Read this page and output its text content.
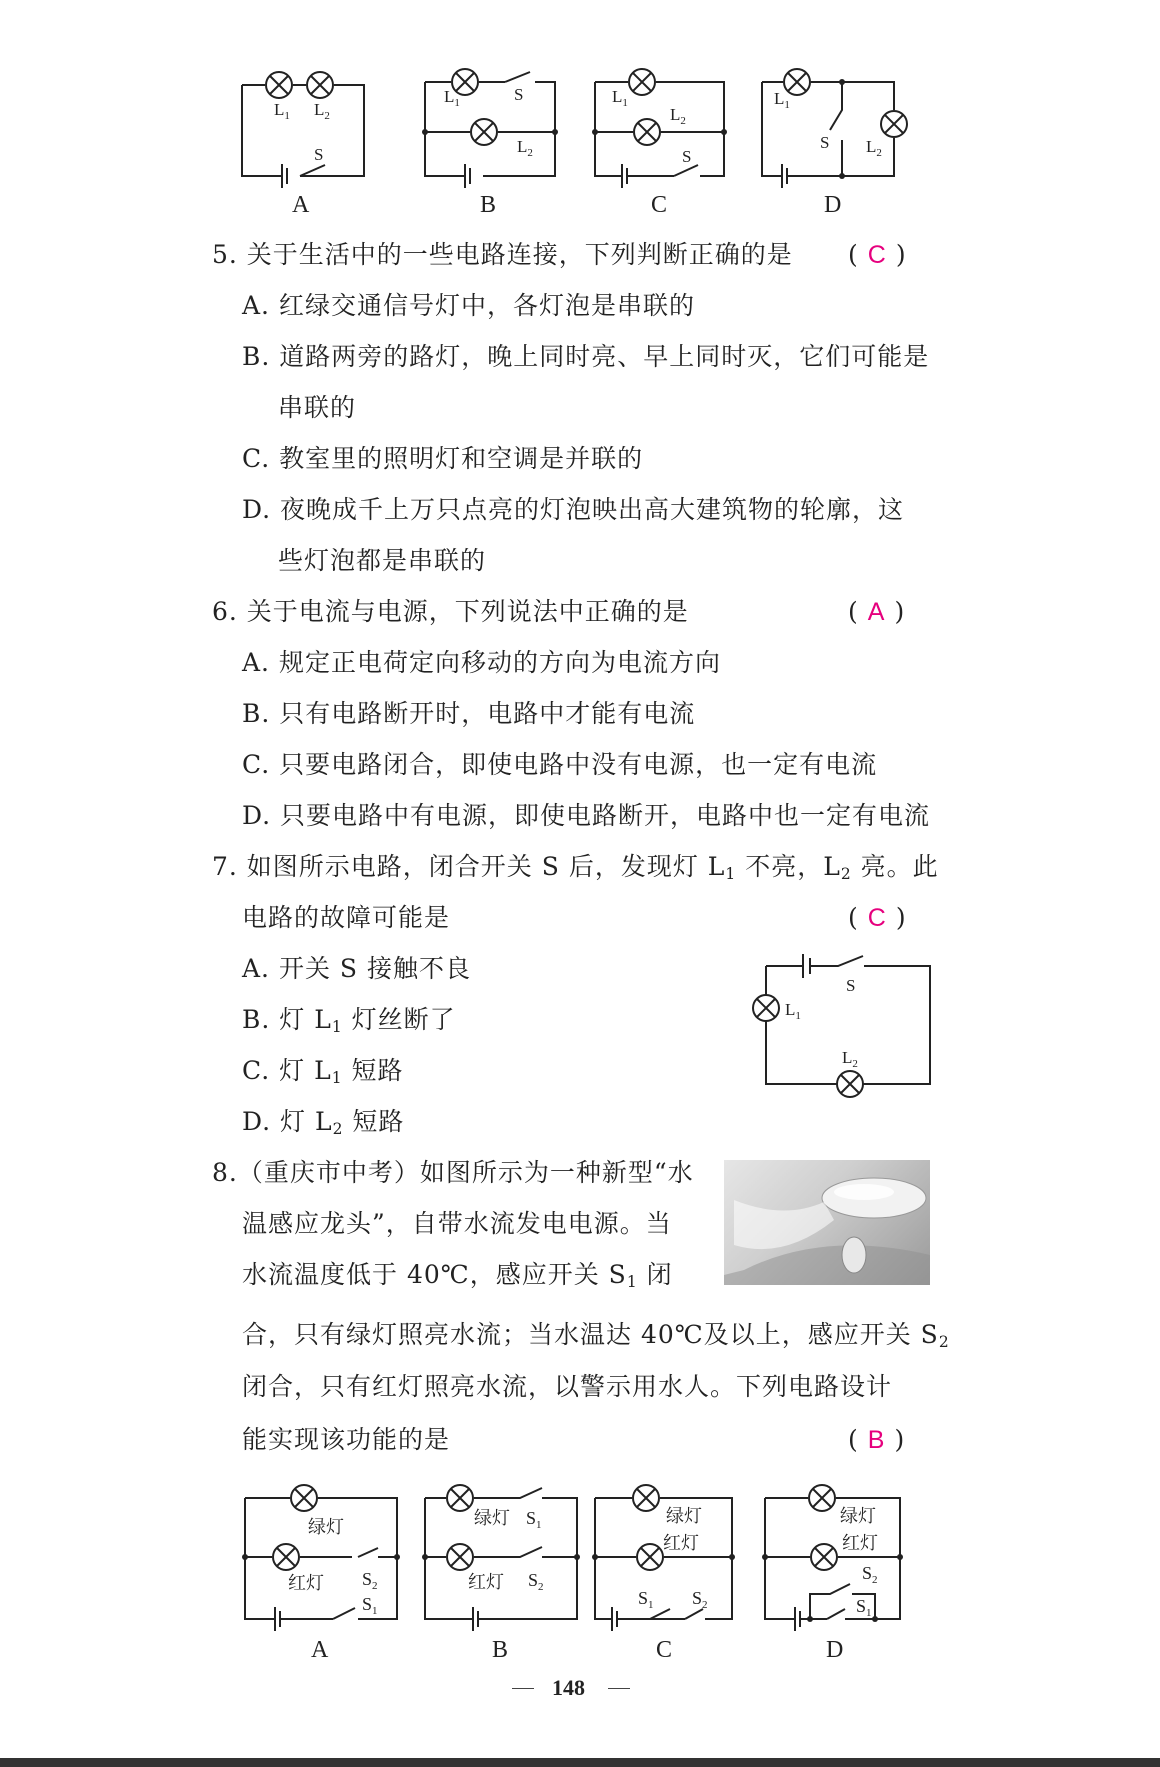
$L_1$ $L_2$
S
$L_1$	S
$L_2$
$L_1$
$L_2$
S
$L_1$
S $L_2$
A	B	C	D
5. 关于生活中的一些电路连接，下列判断正确的是 ( C )
A. 红绿交通信号灯中，各灯泡是串联的
B. 道路两旁的路灯，晚上同时亮、早上同时灭，它们可能是
串联的
C. 教室里的照明灯和空调是并联的
D. 夜晚成千上万只点亮的灯泡映出高大建筑物的轮廓，这
些灯泡都是串联的
6. 关于电流与电源，下列说法中正确的是	( A )
A. 规定正电荷定向移动的方向为电流方向
B. 只有电路断开时，电路中才能有电流
C. 只要电路闭合，即使电路中没有电源，也一定有电流
D. 只要电路中有电源，即使电路断开，电路中也一定有电流
7. 如图所示电路，闭合开关 S 后，发现灯 $L_1$ 不亮，$L_2$ 亮。此
电路的故障可能是	( C )
A. 开关 S 接触不良
B. 灯 $L_1$ 灯丝断了
C. 灯 $L_1$ 短路
D. 灯 $L_2$ 短路
S
$L_1$
$L_2$
8.（重庆市中考）如图所示为一种新型“水
温感应龙头”，自带水流发电电源。当
水流温度低于 40℃，感应开关 $S_1$ 闭
合，只有绿灯照亮水流；当水温达 40℃及以上，感应开关 $S_2$
闭合，只有红灯照亮水流，以警示用水人。下列电路设计
能实现该功能的是	( B )
绿灯
红灯 $S_2$
$S_1$
绿灯 $S_1$
红灯 $S_2$
绿灯
红灯
$S_1$ $S_2$
绿灯
红灯
$S_2$
$S_1$
A	B	C	D
148
